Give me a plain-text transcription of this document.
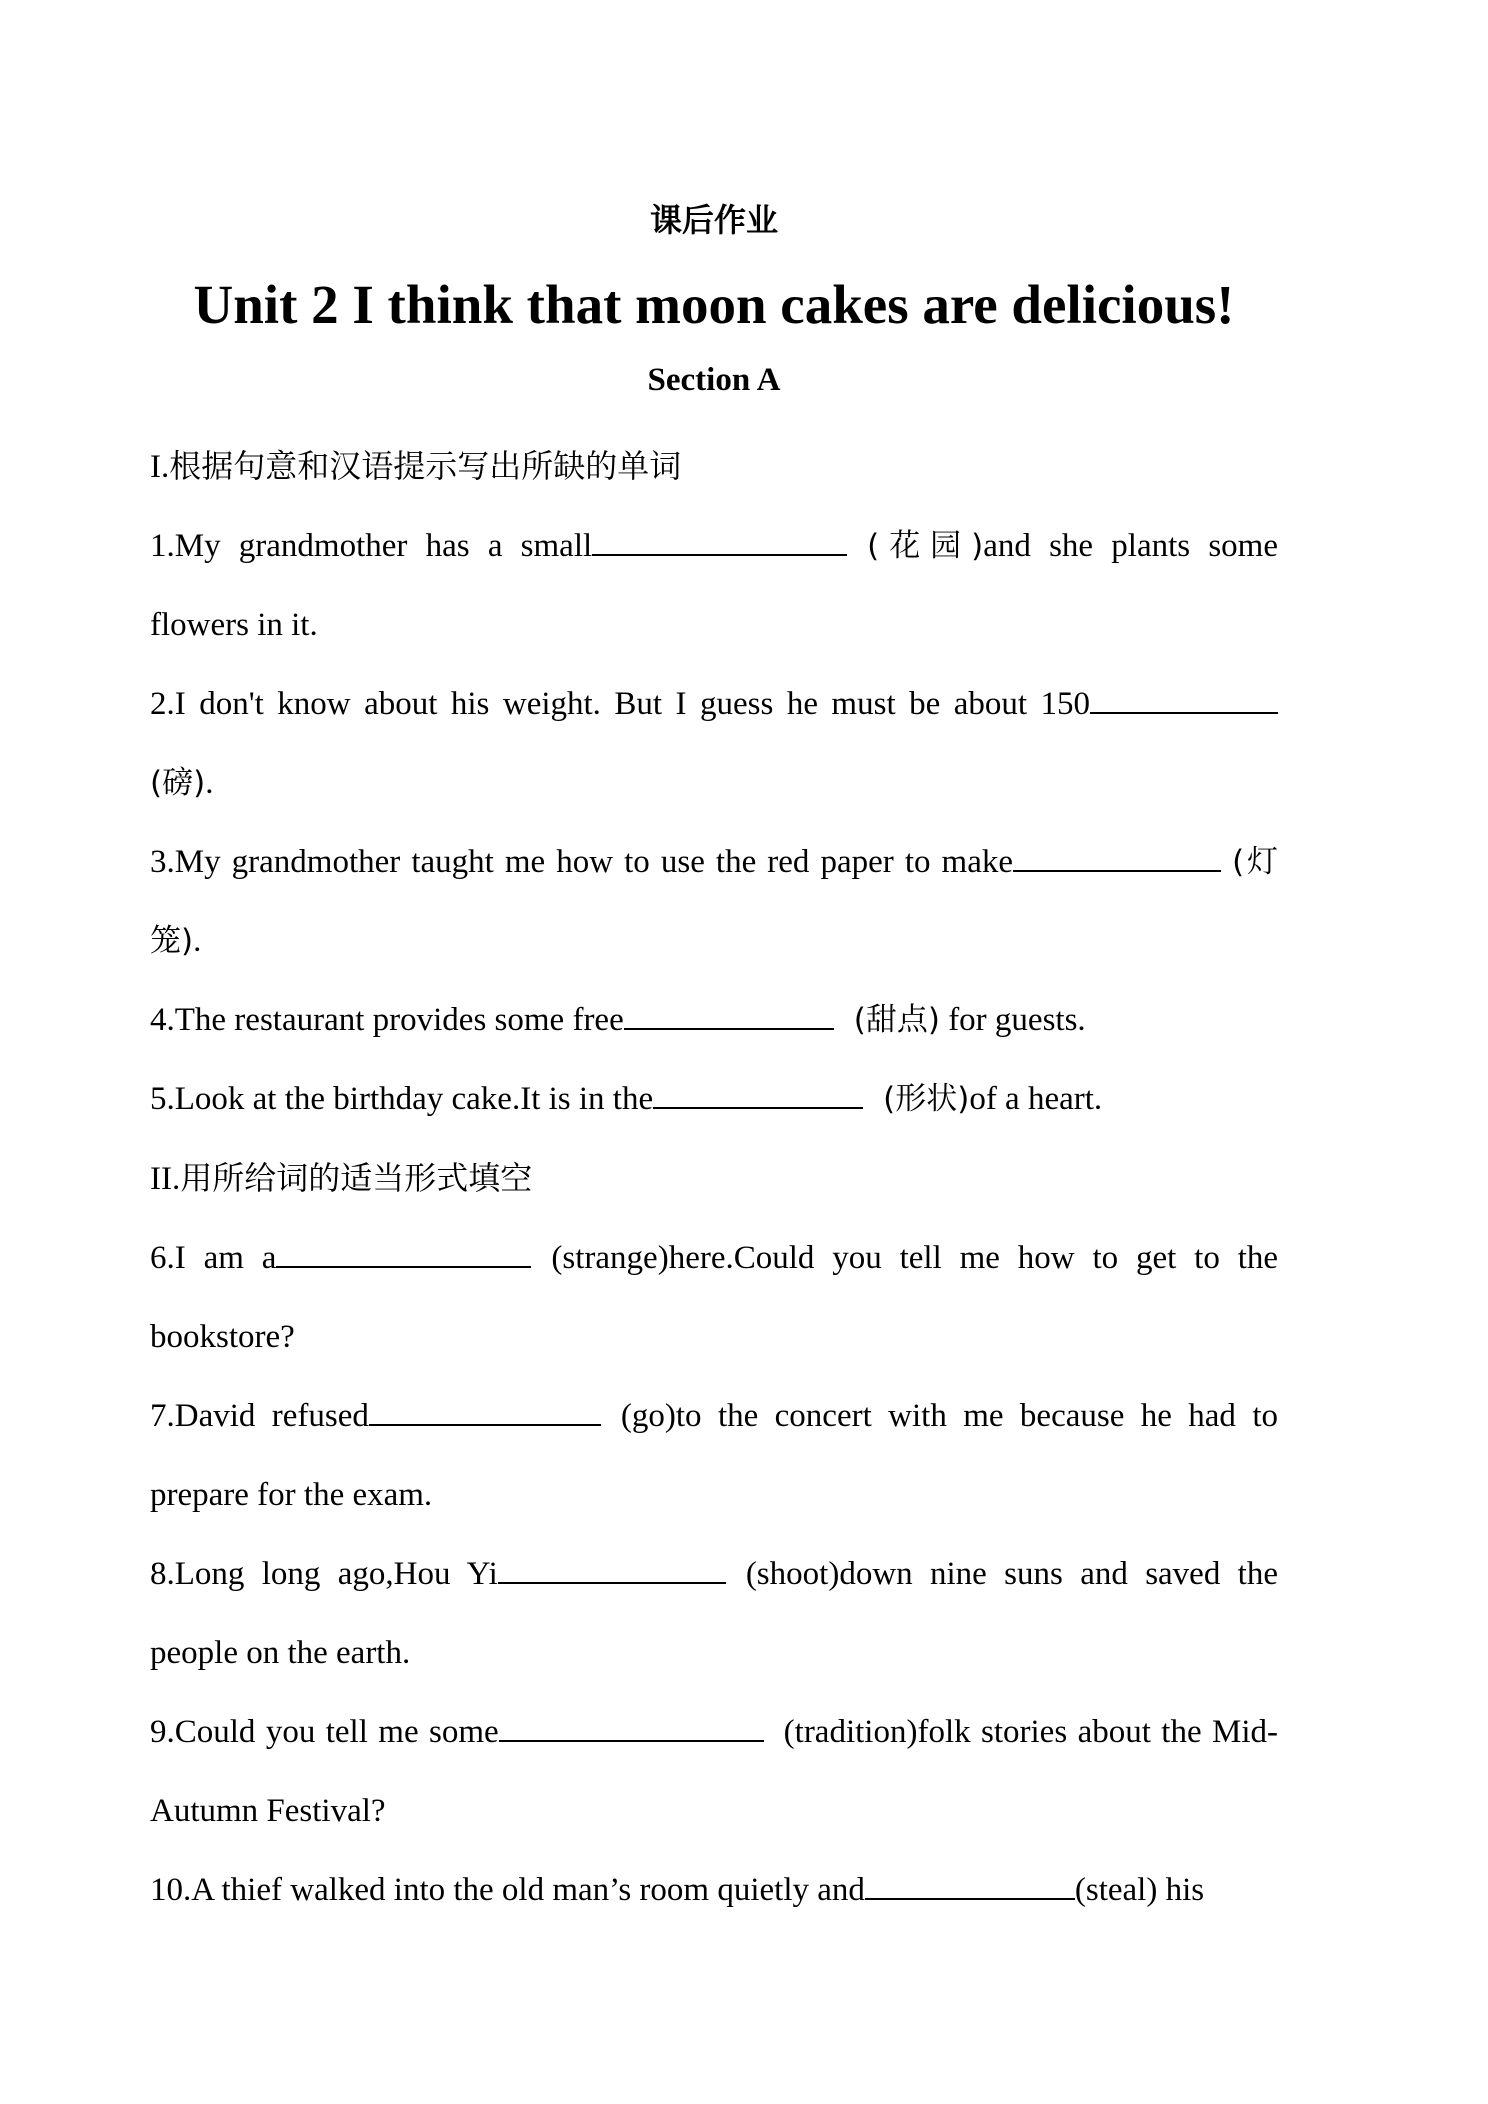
课后作业
Unit 2 I think that moon cakes are delicious!
Section A
I.根据句意和汉语提示写出所缺的单词
1.My grandmother has a small	(花园)and she plants some flowers in it.
2.I don't know about his weight. But I guess he must be about 150 (磅).
3.My grandmother taught me how to use the red paper to make	(灯笼).
4.The restaurant provides some free	(甜点) for guests.
5.Look at the birthday cake.It is in the	(形状)of a heart.
II.用所给词的适当形式填空
6.I am a	(strange)here.Could you tell me how to get to the bookstore?
7.David refused	(go)to the concert with me because he had to prepare for the exam.
8.Long long ago,Hou Yi	(shoot)down nine suns and saved the people on the earth.
9.Could you tell me some	(tradition)folk stories about the Mid-Autumn Festival?
10.A thief walked into the old man’s room quietly and	(steal) his
